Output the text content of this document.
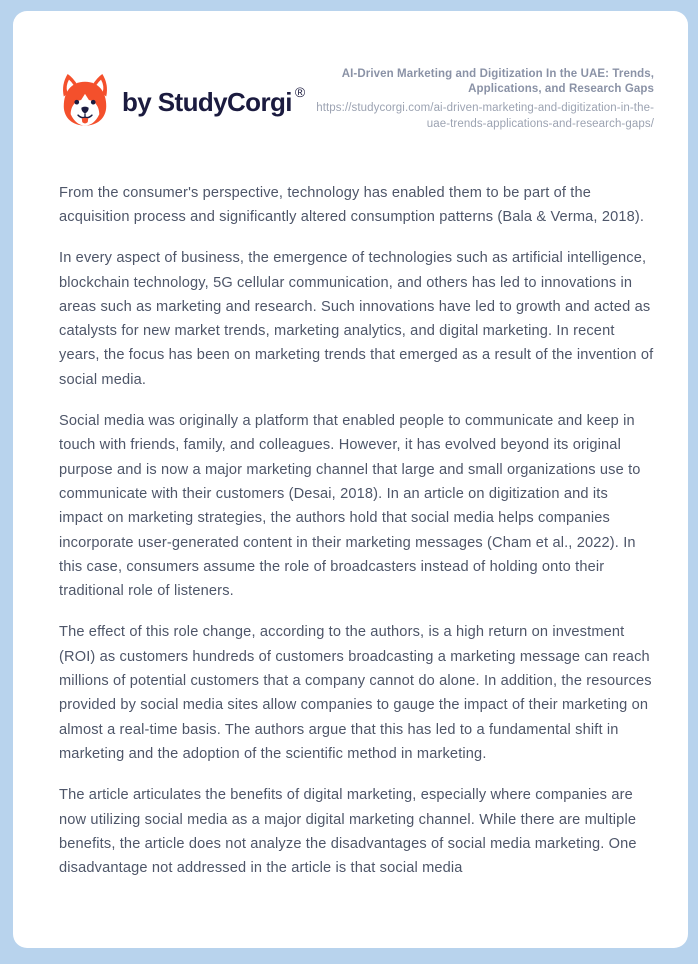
by StudyCorgi ®
AI-Driven Marketing and Digitization In the UAE: Trends, Applications, and Research Gaps
https://studycorgi.com/ai-driven-marketing-and-digitization-in-the-uae-trends-applications-and-research-gaps/

From the consumer's perspective, technology has enabled them to be part of the acquisition process and significantly altered consumption patterns (Bala & Verma, 2018).

In every aspect of business, the emergence of technologies such as artificial intelligence, blockchain technology, 5G cellular communication, and others has led to innovations in areas such as marketing and research. Such innovations have led to growth and acted as catalysts for new market trends, marketing analytics, and digital marketing. In recent years, the focus has been on marketing trends that emerged as a result of the invention of social media.

Social media was originally a platform that enabled people to communicate and keep in touch with friends, family, and colleagues. However, it has evolved beyond its original purpose and is now a major marketing channel that large and small organizations use to communicate with their customers (Desai, 2018). In an article on digitization and its impact on marketing strategies, the authors hold that social media helps companies incorporate user-generated content in their marketing messages (Cham et al., 2022). In this case, consumers assume the role of broadcasters instead of holding onto their traditional role of listeners.

The effect of this role change, according to the authors, is a high return on investment (ROI) as customers hundreds of customers broadcasting a marketing message can reach millions of potential customers that a company cannot do alone. In addition, the resources provided by social media sites allow companies to gauge the impact of their marketing on almost a real-time basis. The authors argue that this has led to a fundamental shift in marketing and the adoption of the scientific method in marketing.

The article articulates the benefits of digital marketing, especially where companies are now utilizing social media as a major digital marketing channel. While there are multiple benefits, the article does not analyze the disadvantages of social media marketing. One disadvantage not addressed in the article is that social media
